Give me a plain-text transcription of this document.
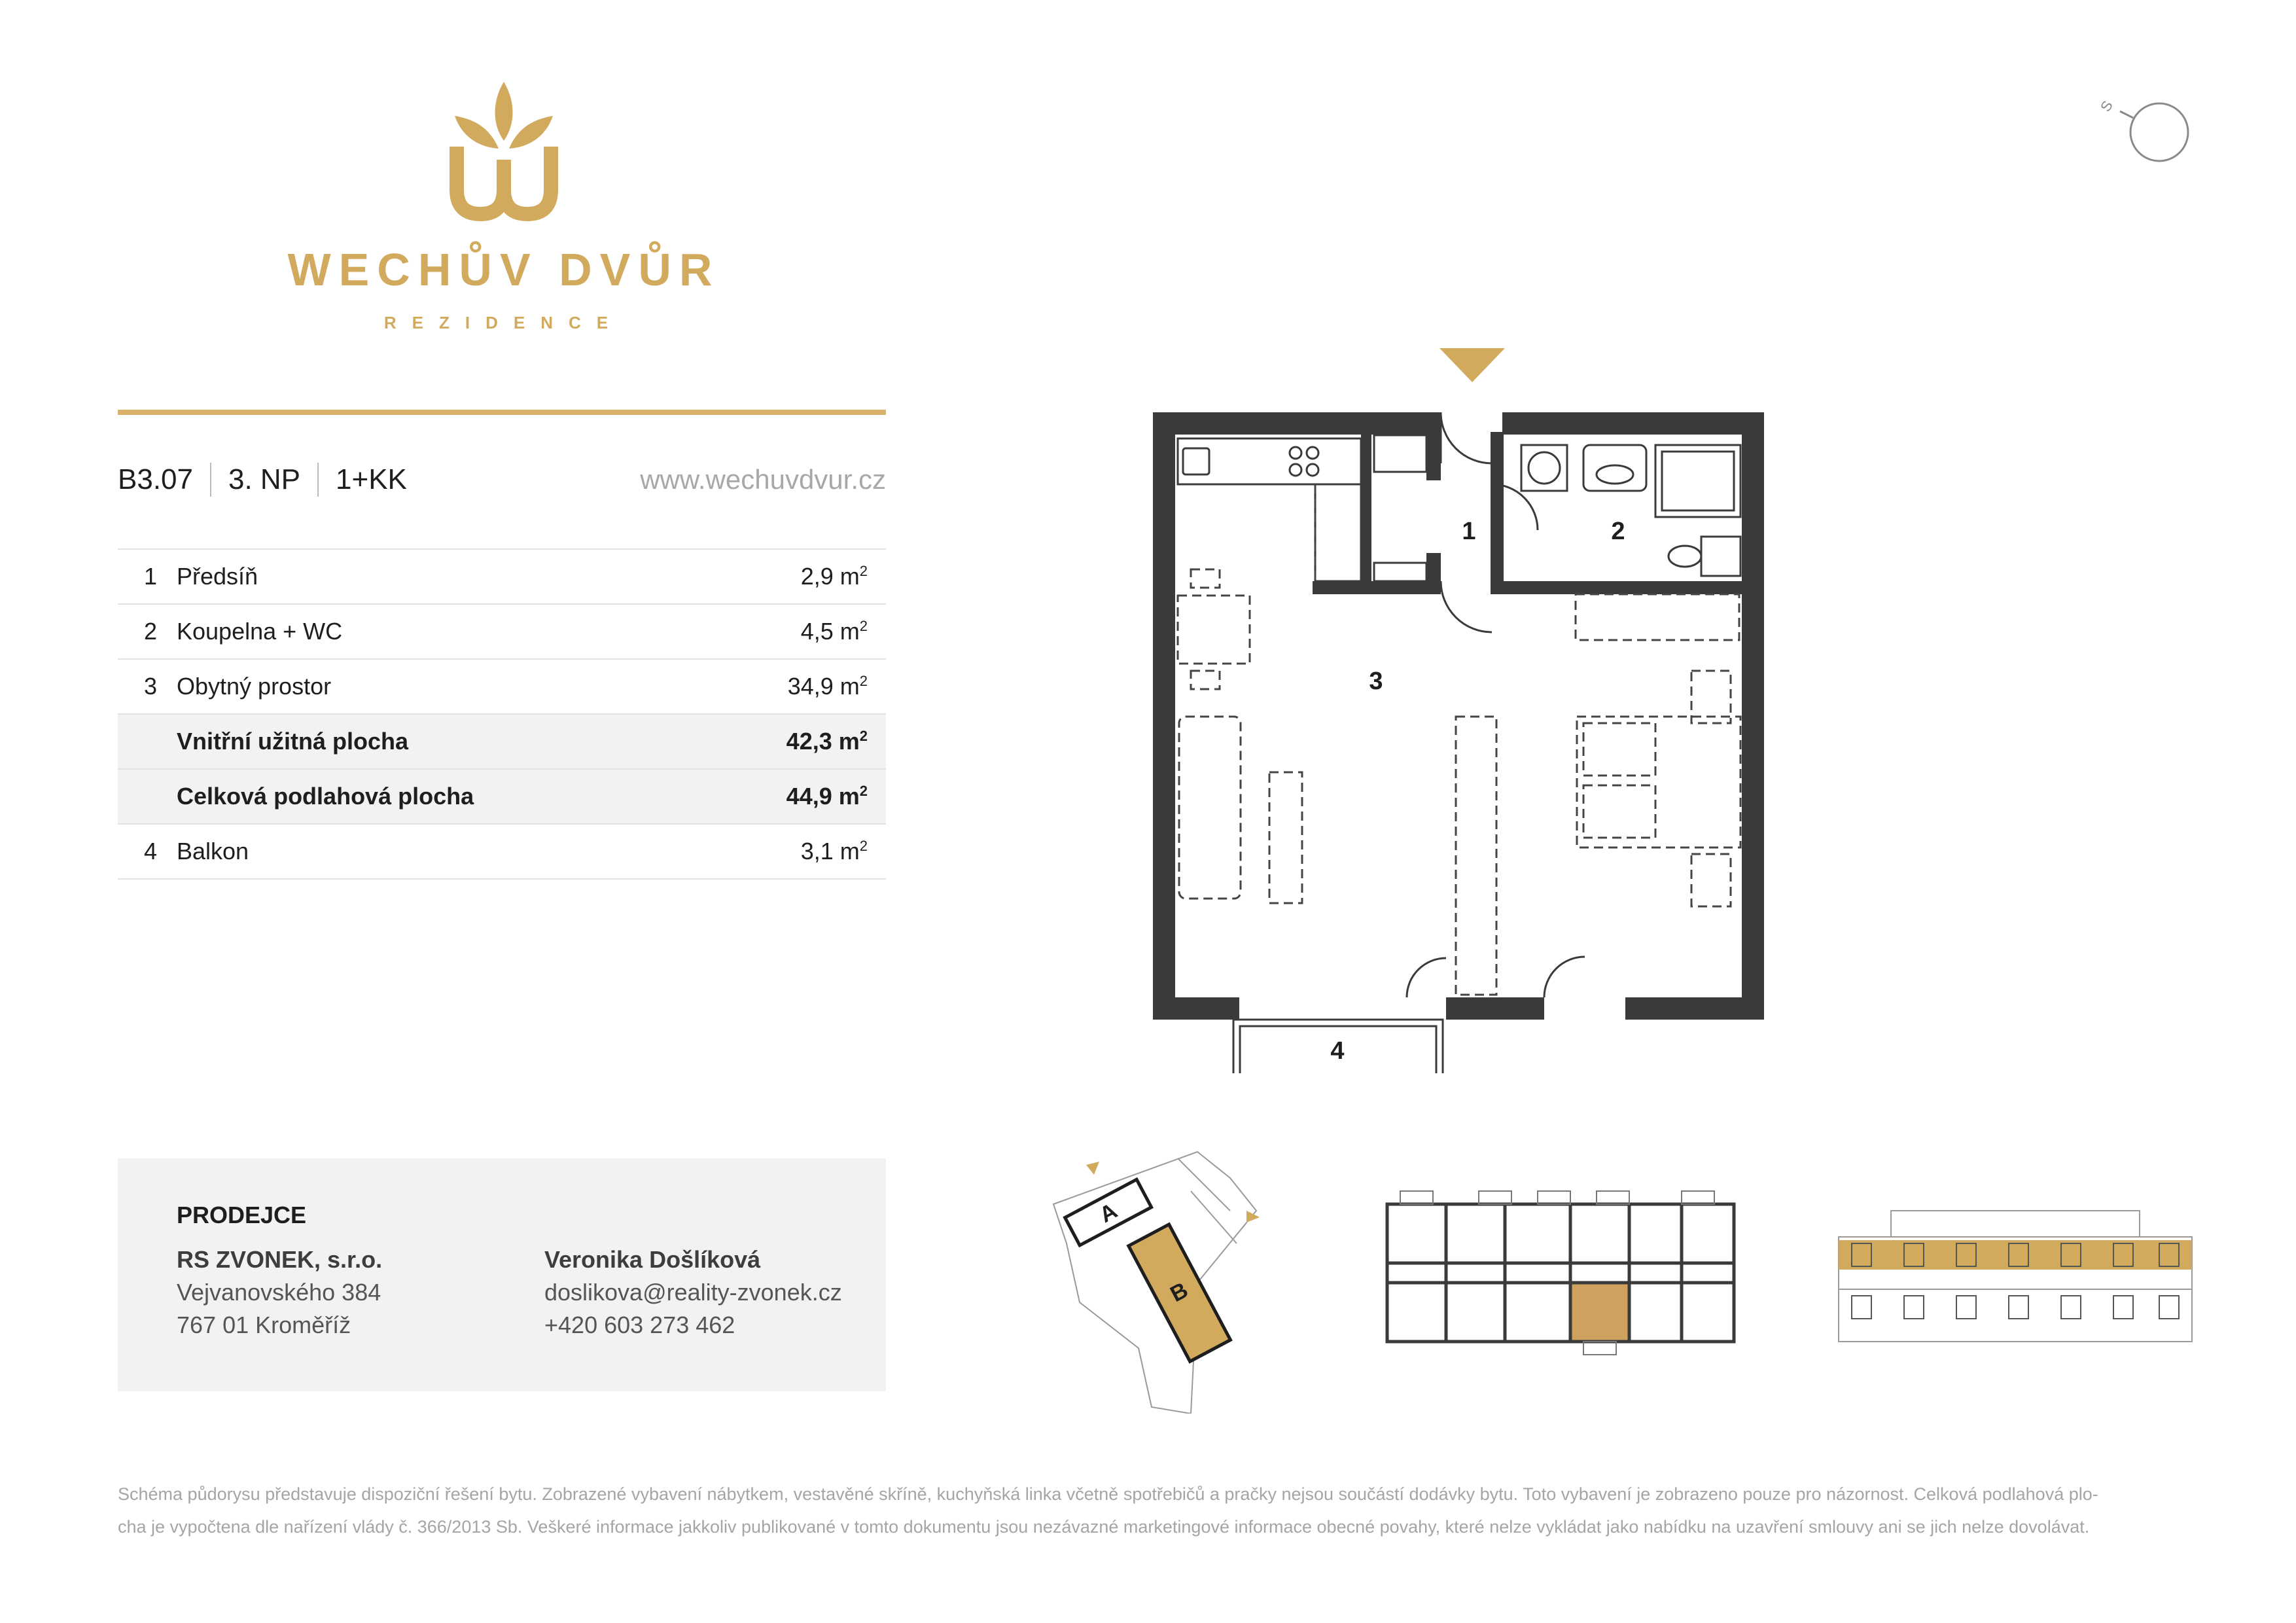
WECHŮV DVŮR
REZIDENCE
S
B3.07	3. NP	1+KK	www.wechuvdvur.cz
1	Předsíň	2,9 $m^2$
2	Koupelna + WC	4,5 $m^2$
3	Obytný prostor	34,9 $m^2$
	Vnitřní užitná plocha	42,3 $m^2$
	Celková podlahová plocha	44,9 $m^2$
4	Balkon	3,1 $m^2$
1	2
3
4
PRODEJCE
RS ZVONEK, s.r.o.
Vejvanovského 384
767 01 Kroměříž
Veronika Došlíková
doslikova@reality-zvonek.cz
+420 603 273 462
A
B
Schéma půdorysu představuje dispoziční řešení bytu. Zobrazené vybavení nábytkem, vestavěné skříně, kuchyňská linka včetně spotřebičů a pračky nejsou součástí dodávky bytu. Toto vybavení je zobrazeno pouze pro názornost. Celková podlahová plo-
cha je vypočtena dle nařízení vlády č. 366/2013 Sb. Veškeré informace jakkoliv publikované v tomto dokumentu jsou nezávazné marketingové informace obecné povahy, které nelze vykládat jako nabídku na uzavření smlouvy ani se jich nelze dovolávat.
